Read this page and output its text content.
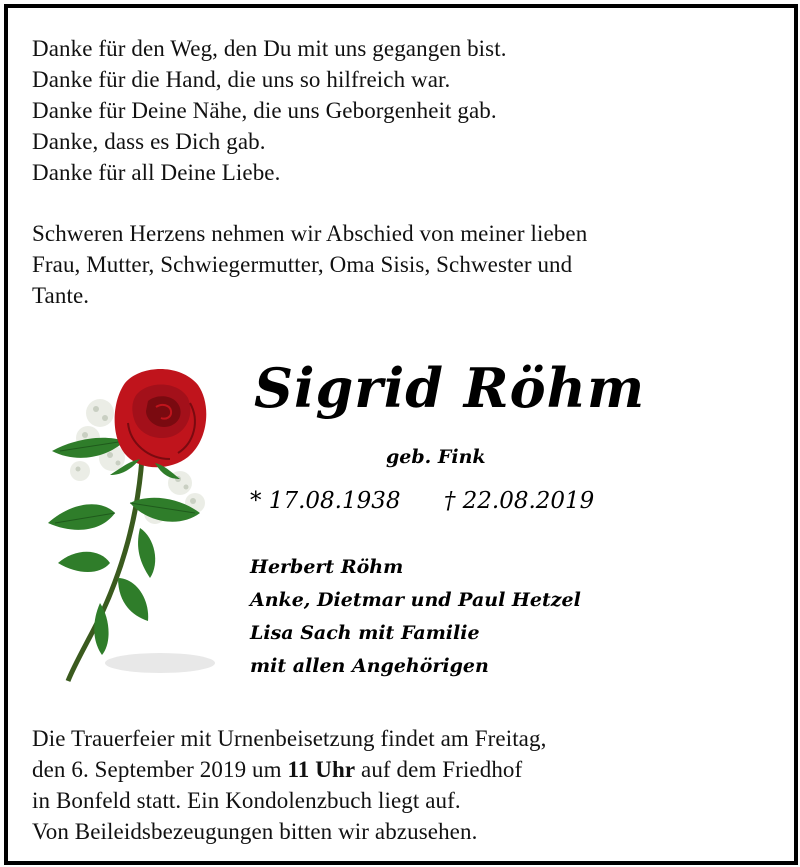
Danke für den Weg, den Du mit uns gegangen bist.
Danke für die Hand, die uns so hilfreich war.
Danke für Deine Nähe, die uns Geborgenheit gab.
Danke, dass es Dich gab.
Danke für all Deine Liebe.
Schweren Herzens nehmen wir Abschied von meiner lieben
Frau, Mutter, Schwiegermutter, Oma Sisis, Schwester und
Tante.
Sigrid Röhm
geb. Fink
* 17.08.1938 † 22.08.2019
Herbert Röhm
Anke, Dietmar und Paul Hetzel
Lisa Sach mit Familie
mit allen Angehörigen
Die Trauerfeier mit Urnenbeisetzung findet am Freitag,
den 6. September 2019 um 11 Uhr auf dem Friedhof
in Bonfeld statt. Ein Kondolenzbuch liegt auf.
Von Beileidsbezeugungen bitten wir abzusehen.
